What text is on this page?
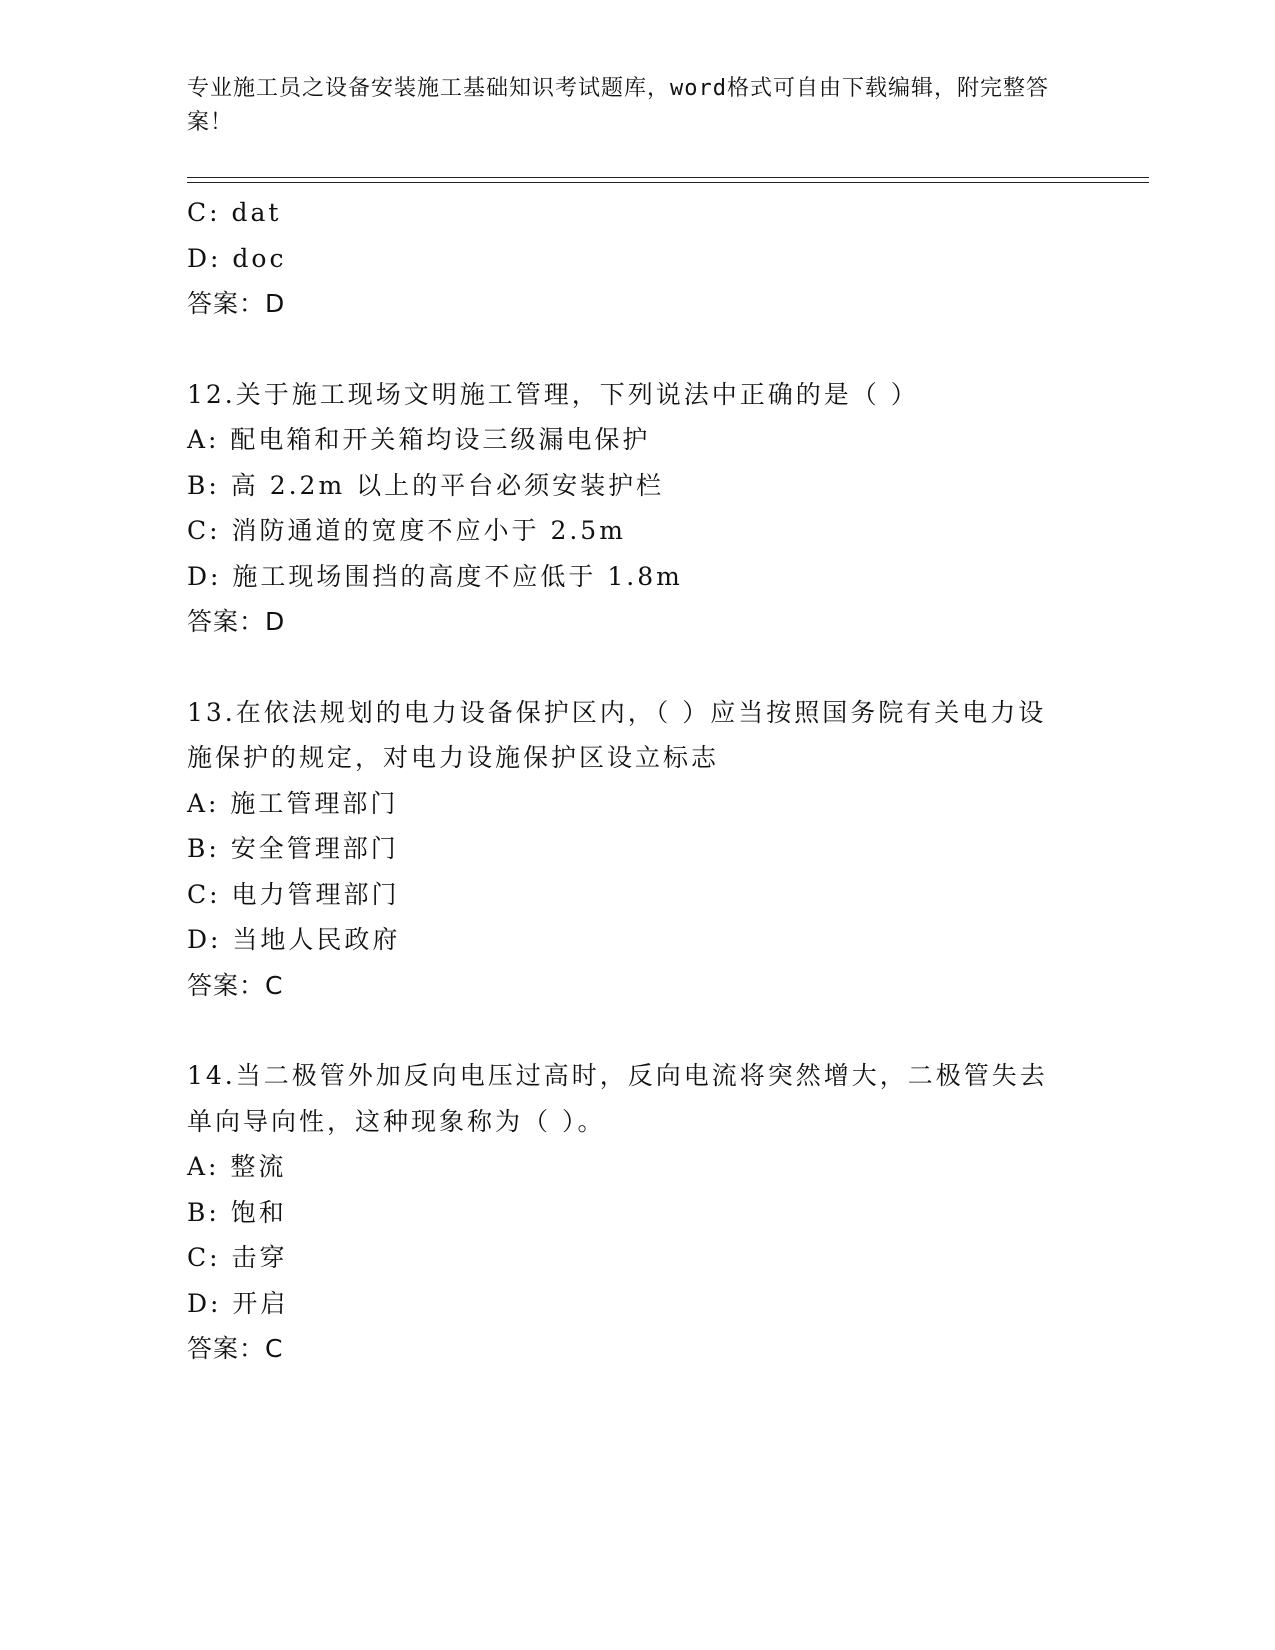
专业施工员之设备安装施工基础知识考试题库，word格式可自由下载编辑，附完整答案！
C: dat
D: doc
答案：D
12.关于施工现场文明施工管理，下列说法中正确的是（ ）
A: 配电箱和开关箱均设三级漏电保护
B: 高 2.2m 以上的平台必须安装护栏
C: 消防通道的宽度不应小于 2.5m
D: 施工现场围挡的高度不应低于 1.8m
答案：D
13.在依法规划的电力设备保护区内，（ ）应当按照国务院有关电力设施保护的规定，对电力设施保护区设立标志
A: 施工管理部门
B: 安全管理部门
C: 电力管理部门
D: 当地人民政府
答案：C
14.当二极管外加反向电压过高时，反向电流将突然增大，二极管失去单向导向性，这种现象称为（ ）。
A: 整流
B: 饱和
C: 击穿
D: 开启
答案：C
